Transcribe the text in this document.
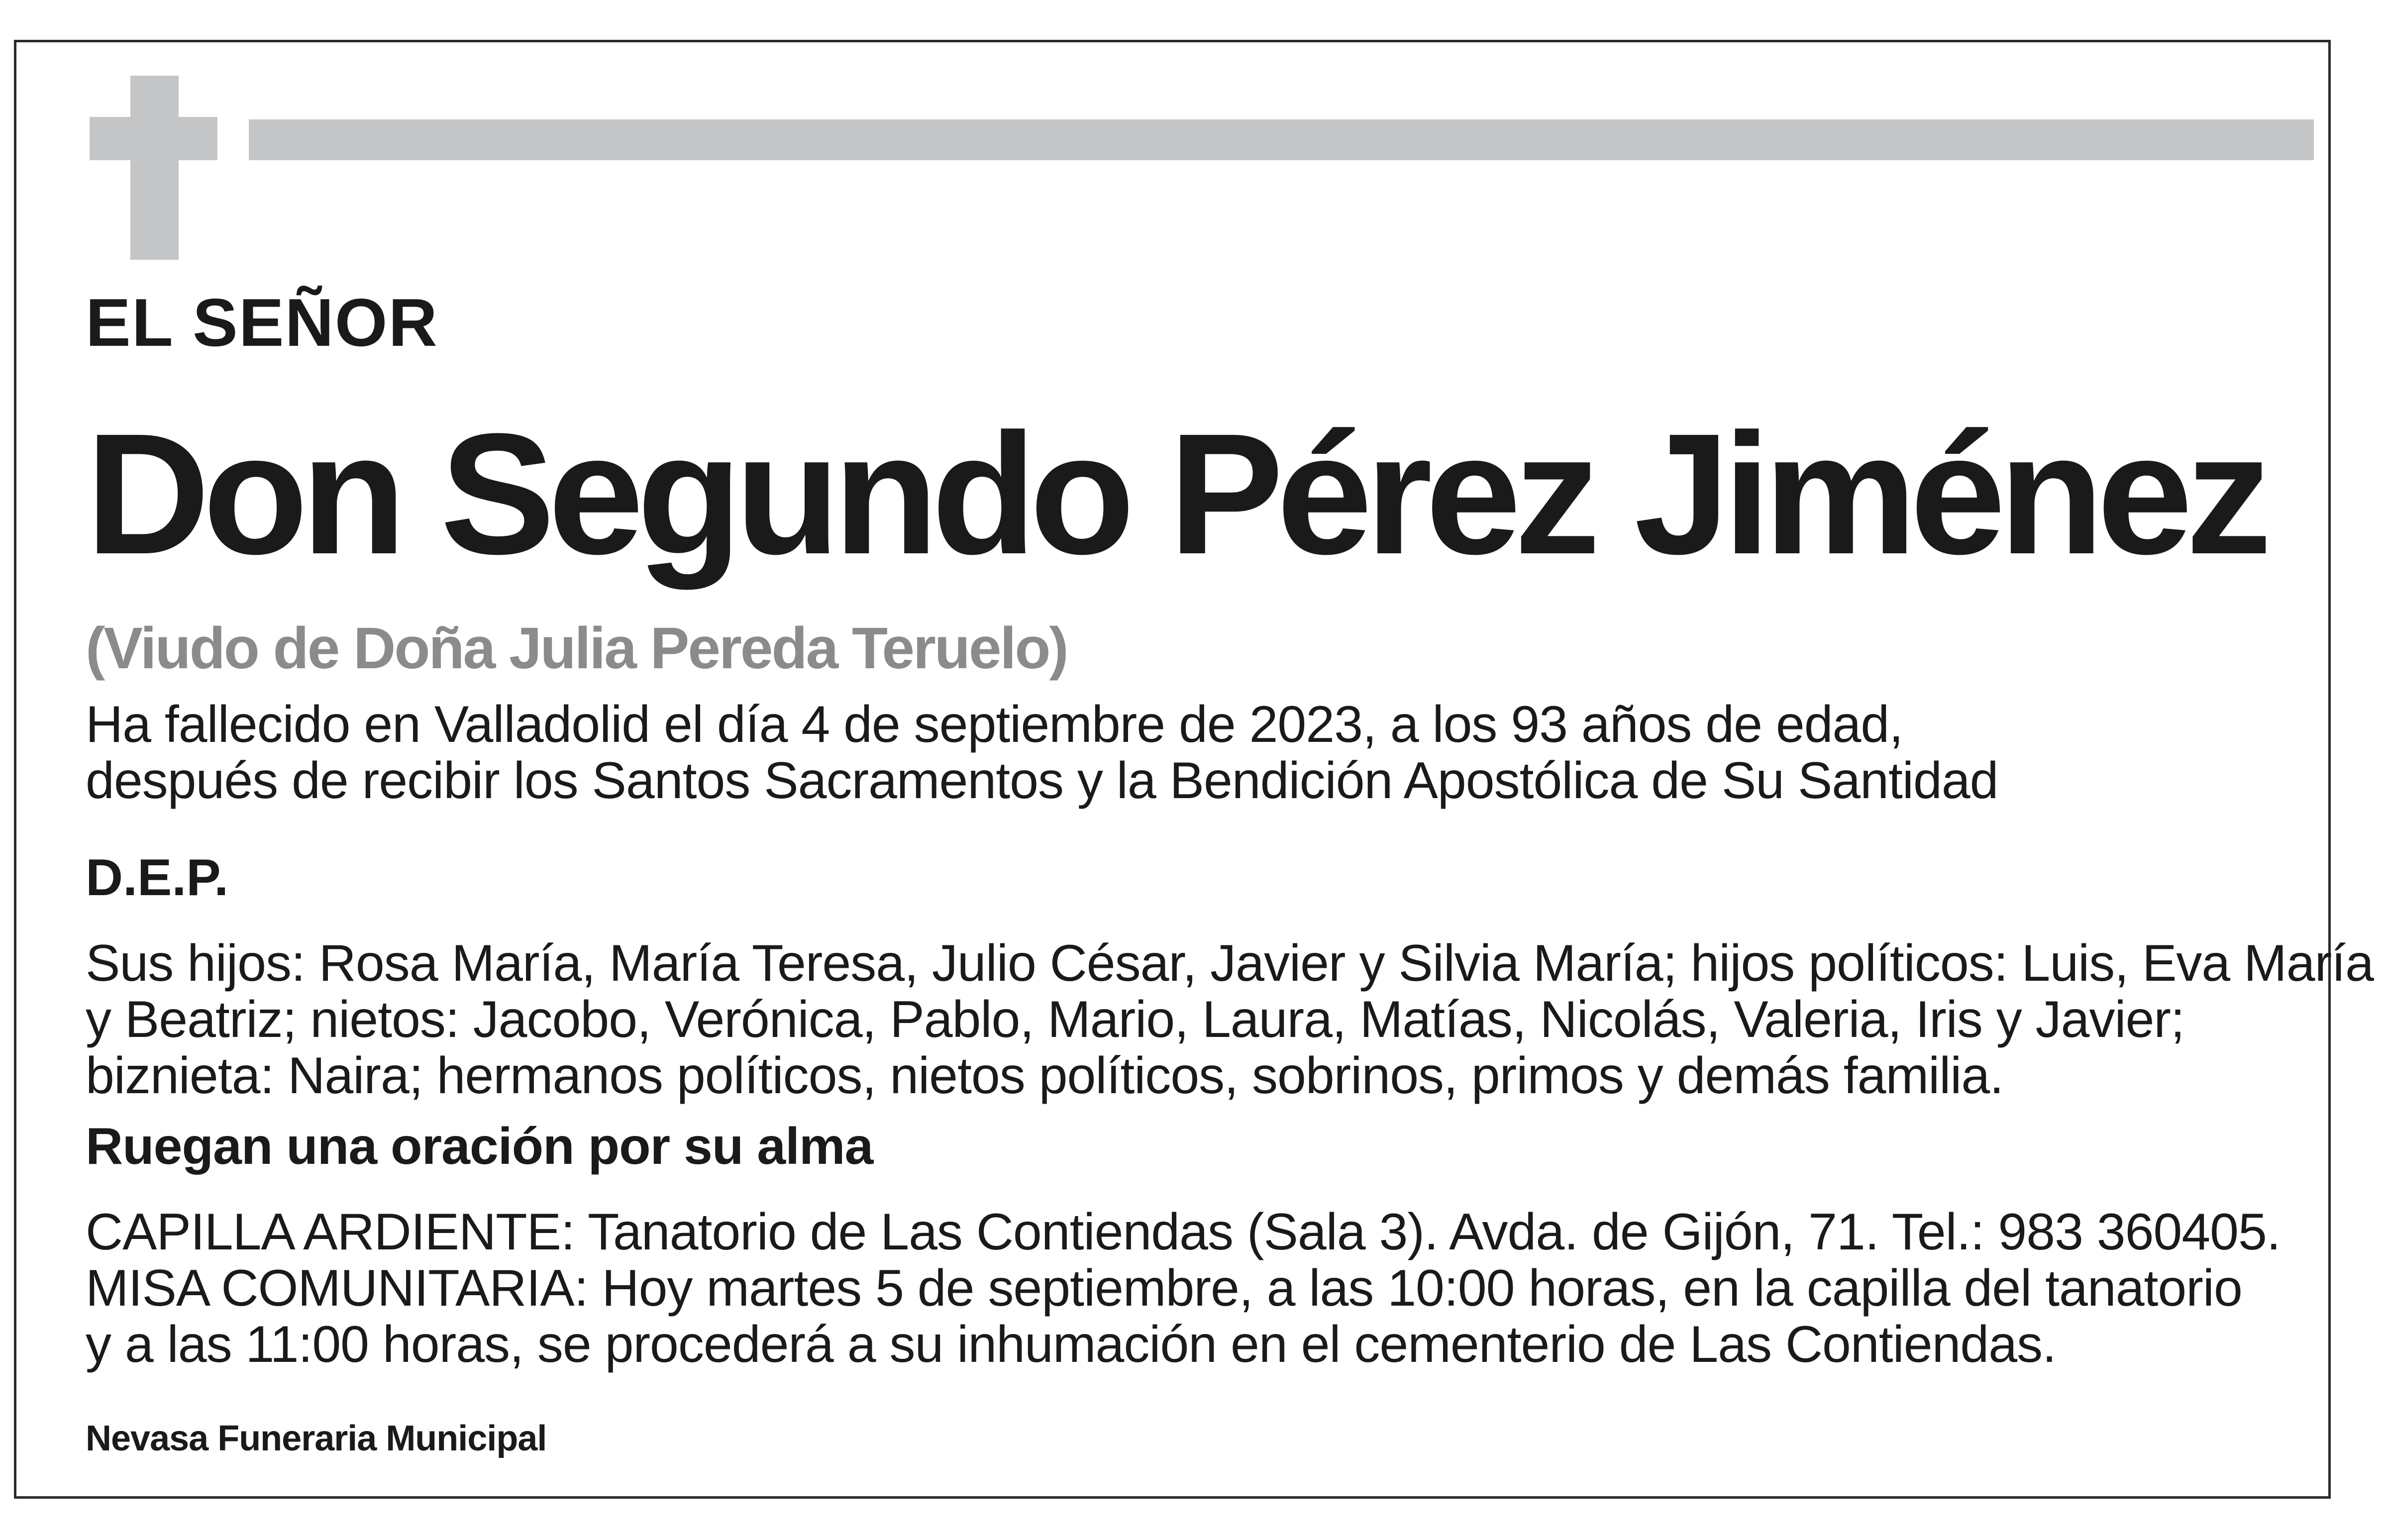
EL SEÑOR
Don Segundo Pérez Jiménez
(Viudo de Doña Julia Pereda Teruelo)
Ha fallecido en Valladolid el día 4 de septiembre de 2023, a los 93 años de edad,
después de recibir los Santos Sacramentos y la Bendición Apostólica de Su Santidad
D.E.P.
Sus hijos: Rosa María, María Teresa, Julio César, Javier y Silvia María; hijos políticos: Luis, Eva María
y Beatriz; nietos: Jacobo, Verónica, Pablo, Mario, Laura, Matías, Nicolás, Valeria, Iris y Javier;
biznieta: Naira; hermanos políticos, nietos políticos, sobrinos, primos y demás familia.
Ruegan una oración por su alma
CAPILLA ARDIENTE: Tanatorio de Las Contiendas (Sala 3). Avda. de Gijón, 71. Tel.: 983 360405.
MISA COMUNITARIA: Hoy martes 5 de septiembre, a las 10:00 horas, en la capilla del tanatorio
y a las 11:00 horas, se procederá a su inhumación en el cementerio de Las Contiendas.
Nevasa Funeraria Municipal
